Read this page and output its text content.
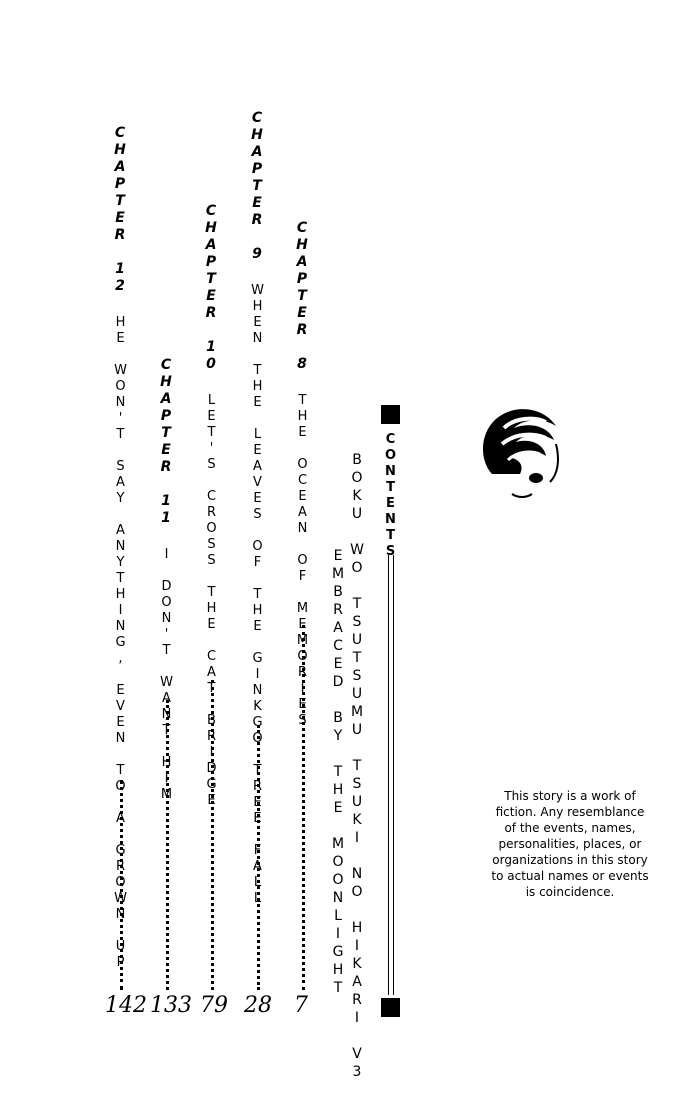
CHAPTER 12 HE WON'T SAY ANYTHING, EVEN TO A GROWN UP
142
CHAPTER 11 I DON'T WANT HIM
133
CHAPTER 10 LET'S CROSS THE CAT BRIDGE
79
CHAPTER 9 WHEN THE LEAVES OF THE GINKGO TREE FALL
28
CHAPTER 8 THE OCEAN OF MEMORIES
7
EMBRACED BY THE MOONLIGHT BOKU WO TSUTSUMU TSUKI NO HIKARI V3 CONTENTS
This story is a work of fiction. Any resemblance of the events, names, personalities, places, or organizations in this story to actual names or events is coincidence.
